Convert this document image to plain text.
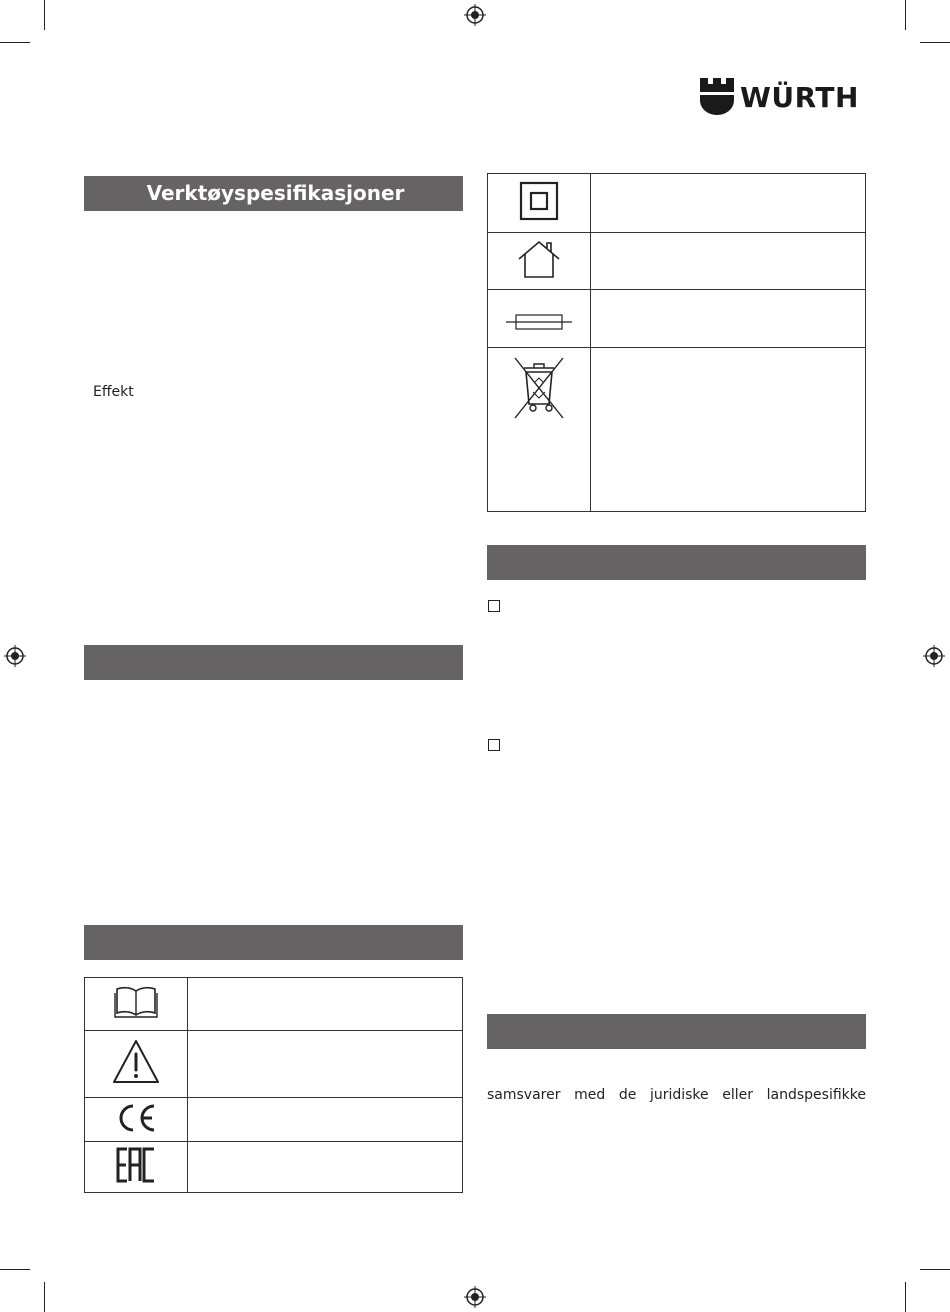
WÜRTH
Verktøyspesifikasjoner
Effekt

samsvarer med de juridiske eller landspesifikke
